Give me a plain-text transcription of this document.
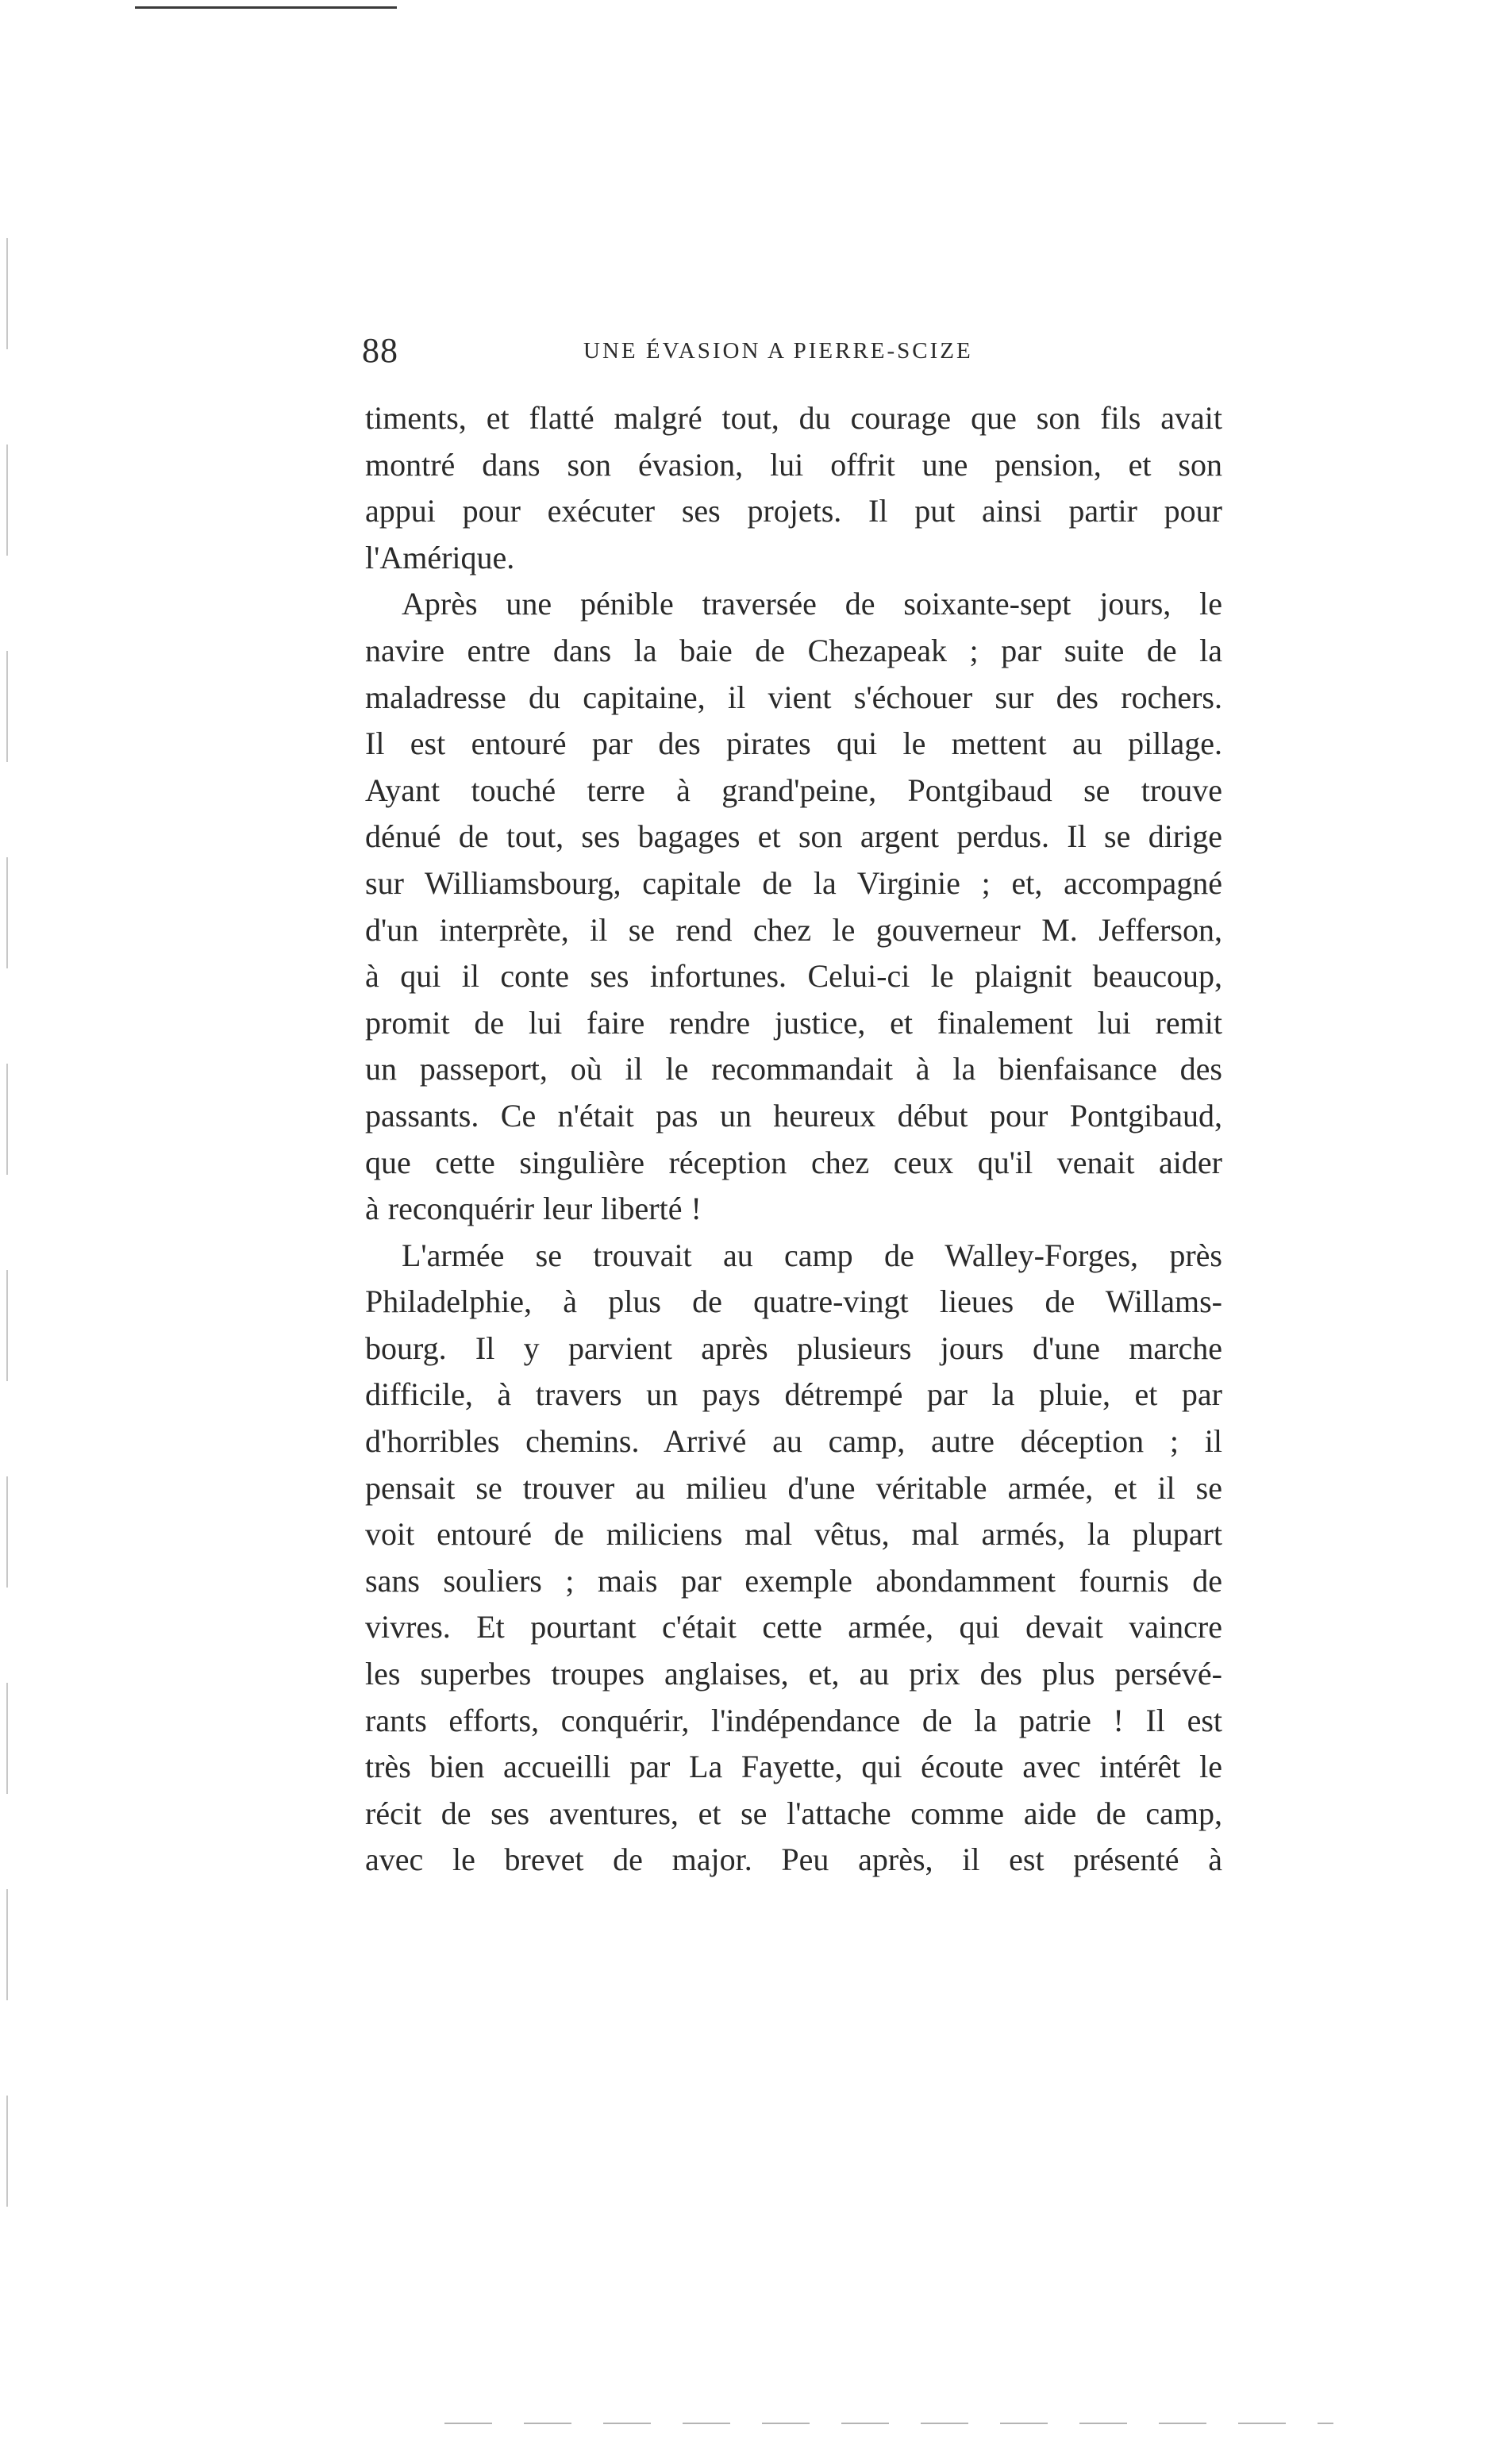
88	UNE ÉVASION A PIERRE-SCIZE
timents, et flatté malgré tout, du courage que son fils avait
montré dans son évasion, lui offrit une pension, et son
appui pour exécuter ses projets. Il put ainsi partir pour
l'Amérique.
Après une pénible traversée de soixante-sept jours, le
navire entre dans la baie de Chezapeak ; par suite de la
maladresse du capitaine, il vient s'échouer sur des rochers.
Il est entouré par des pirates qui le mettent au pillage.
Ayant touché terre à grand'peine, Pontgibaud se trouve
dénué de tout, ses bagages et son argent perdus. Il se dirige
sur Williamsbourg, capitale de la Virginie ; et, accompagné
d'un interprète, il se rend chez le gouverneur M. Jefferson,
à qui il conte ses infortunes. Celui-ci le plaignit beaucoup,
promit de lui faire rendre justice, et finalement lui remit
un passeport, où il le recommandait à la bienfaisance des
passants. Ce n'était pas un heureux début pour Pontgibaud,
que cette singulière réception chez ceux qu'il venait aider
à reconquérir leur liberté !
L'armée se trouvait au camp de Walley-Forges, près
Philadelphie, à plus de quatre-vingt lieues de Willams-
bourg. Il y parvient après plusieurs jours d'une marche
difficile, à travers un pays détrempé par la pluie, et par
d'horribles chemins. Arrivé au camp, autre déception ; il
pensait se trouver au milieu d'une véritable armée, et il se
voit entouré de miliciens mal vêtus, mal armés, la plupart
sans souliers ; mais par exemple abondamment fournis de
vivres. Et pourtant c'était cette armée, qui devait vaincre
les superbes troupes anglaises, et, au prix des plus persévé-
rants efforts, conquérir, l'indépendance de la patrie ! Il est
très bien accueilli par La Fayette, qui écoute avec intérêt le
récit de ses aventures, et se l'attache comme aide de camp,
avec le brevet de major. Peu après, il est présenté à
